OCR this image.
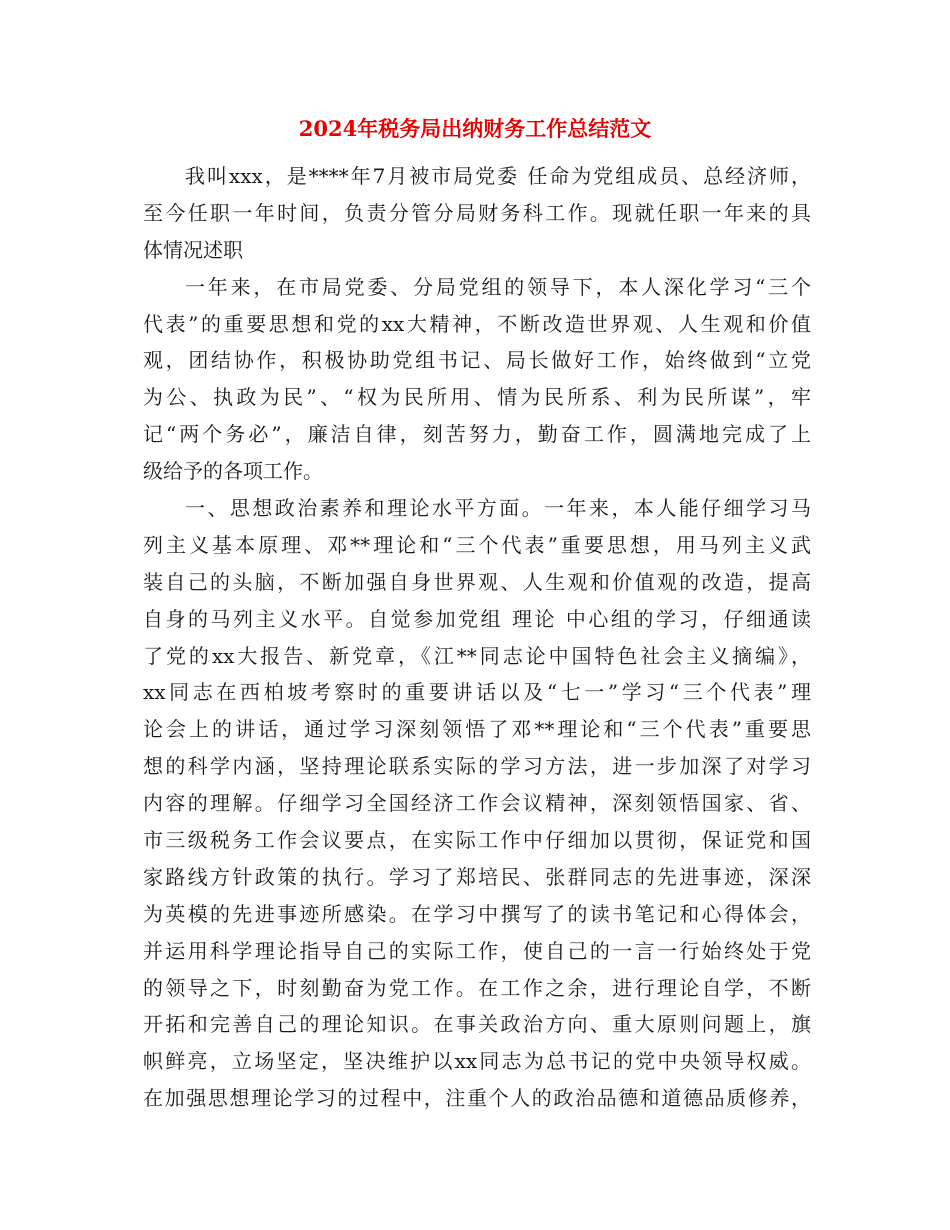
2024年税务局出纳财务工作总结范文
我叫xxx，是****年7月被市局党委 任命为党组成员、总经济师，
至今任职一年时间，负责分管分局财务科工作。现就任职一年来的具
体情况述职
一年来，在市局党委、分局党组的领导下，本人深化学习“三个
代表”的重要思想和党的xx大精神，不断改造世界观、人生观和价值
观，团结协作，积极协助党组书记、局长做好工作，始终做到“立党
为公、执政为民”、“权为民所用、情为民所系、利为民所谋”，牢
记“两个务必”，廉洁自律，刻苦努力，勤奋工作，圆满地完成了上
级给予的各项工作。
一、思想政治素养和理论水平方面。一年来，本人能仔细学习马
列主义基本原理、邓**理论和“三个代表”重要思想，用马列主义武
装自己的头脑，不断加强自身世界观、人生观和价值观的改造，提高
自身的马列主义水平。自觉参加党组 理论 中心组的学习，仔细通读
了党的xx大报告、新党章，《江**同志论中国特色社会主义摘编》，
xx同志在西柏坡考察时的重要讲话以及“七一”学习“三个代表”理
论会上的讲话，通过学习深刻领悟了邓**理论和“三个代表”重要思
想的科学内涵，坚持理论联系实际的学习方法，进一步加深了对学习
内容的理解。仔细学习全国经济工作会议精神，深刻领悟国家、省、
市三级税务工作会议要点，在实际工作中仔细加以贯彻，保证党和国
家路线方针政策的执行。学习了郑培民、张群同志的先进事迹，深深
为英模的先进事迹所感染。在学习中撰写了的读书笔记和心得体会，
并运用科学理论指导自己的实际工作，使自己的一言一行始终处于党
的领导之下，时刻勤奋为党工作。在工作之余，进行理论自学，不断
开拓和完善自己的理论知识。在事关政治方向、重大原则问题上，旗
帜鲜亮，立场坚定，坚决维护以xx同志为总书记的党中央领导权威。
在加强思想理论学习的过程中，注重个人的政治品德和道德品质修养，
